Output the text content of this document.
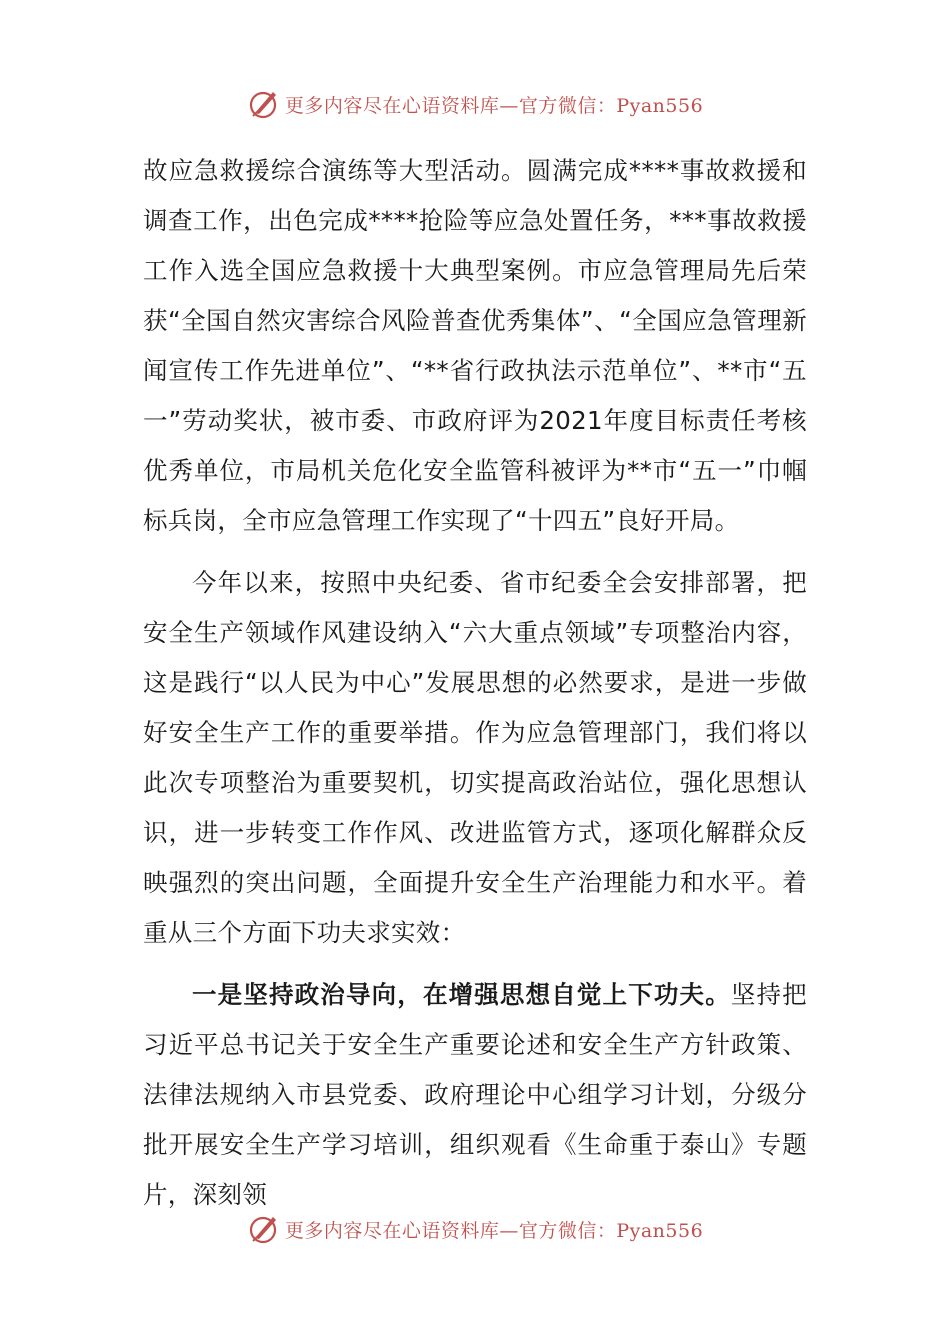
更多内容尽在心语资料库—官方微信：Pyan556

故应急救援综合演练等大型活动。圆满完成****事故救援和调查工作，出色完成****抢险等应急处置任务，***事故救援工作入选全国应急救援十大典型案例。市应急管理局先后荣获“全国自然灾害综合风险普查优秀集体”、“全国应急管理新闻宣传工作先进单位”、“**省行政执法示范单位”、**市“五一”劳动奖状，被市委、市政府评为2021年度目标责任考核优秀单位，市局机关危化安全监管科被评为**市“五一”巾帼标兵岗，全市应急管理工作实现了“十四五”良好开局。

今年以来，按照中央纪委、省市纪委全会安排部署，把安全生产领域作风建设纳入“六大重点领域”专项整治内容，这是践行“以人民为中心”发展思想的必然要求，是进一步做好安全生产工作的重要举措。作为应急管理部门，我们将以此次专项整治为重要契机，切实提高政治站位，强化思想认识，进一步转变工作作风、改进监管方式，逐项化解群众反映强烈的突出问题，全面提升安全生产治理能力和水平。着重从三个方面下功夫求实效：

一是坚持政治导向，在增强思想自觉上下功夫。坚持把习近平总书记关于安全生产重要论述和安全生产方针政策、法律法规纳入市县党委、政府理论中心组学习计划，分级分批开展安全生产学习培训，组织观看《生命重于泰山》专题片，深刻领

更多内容尽在心语资料库—官方微信：Pyan556
